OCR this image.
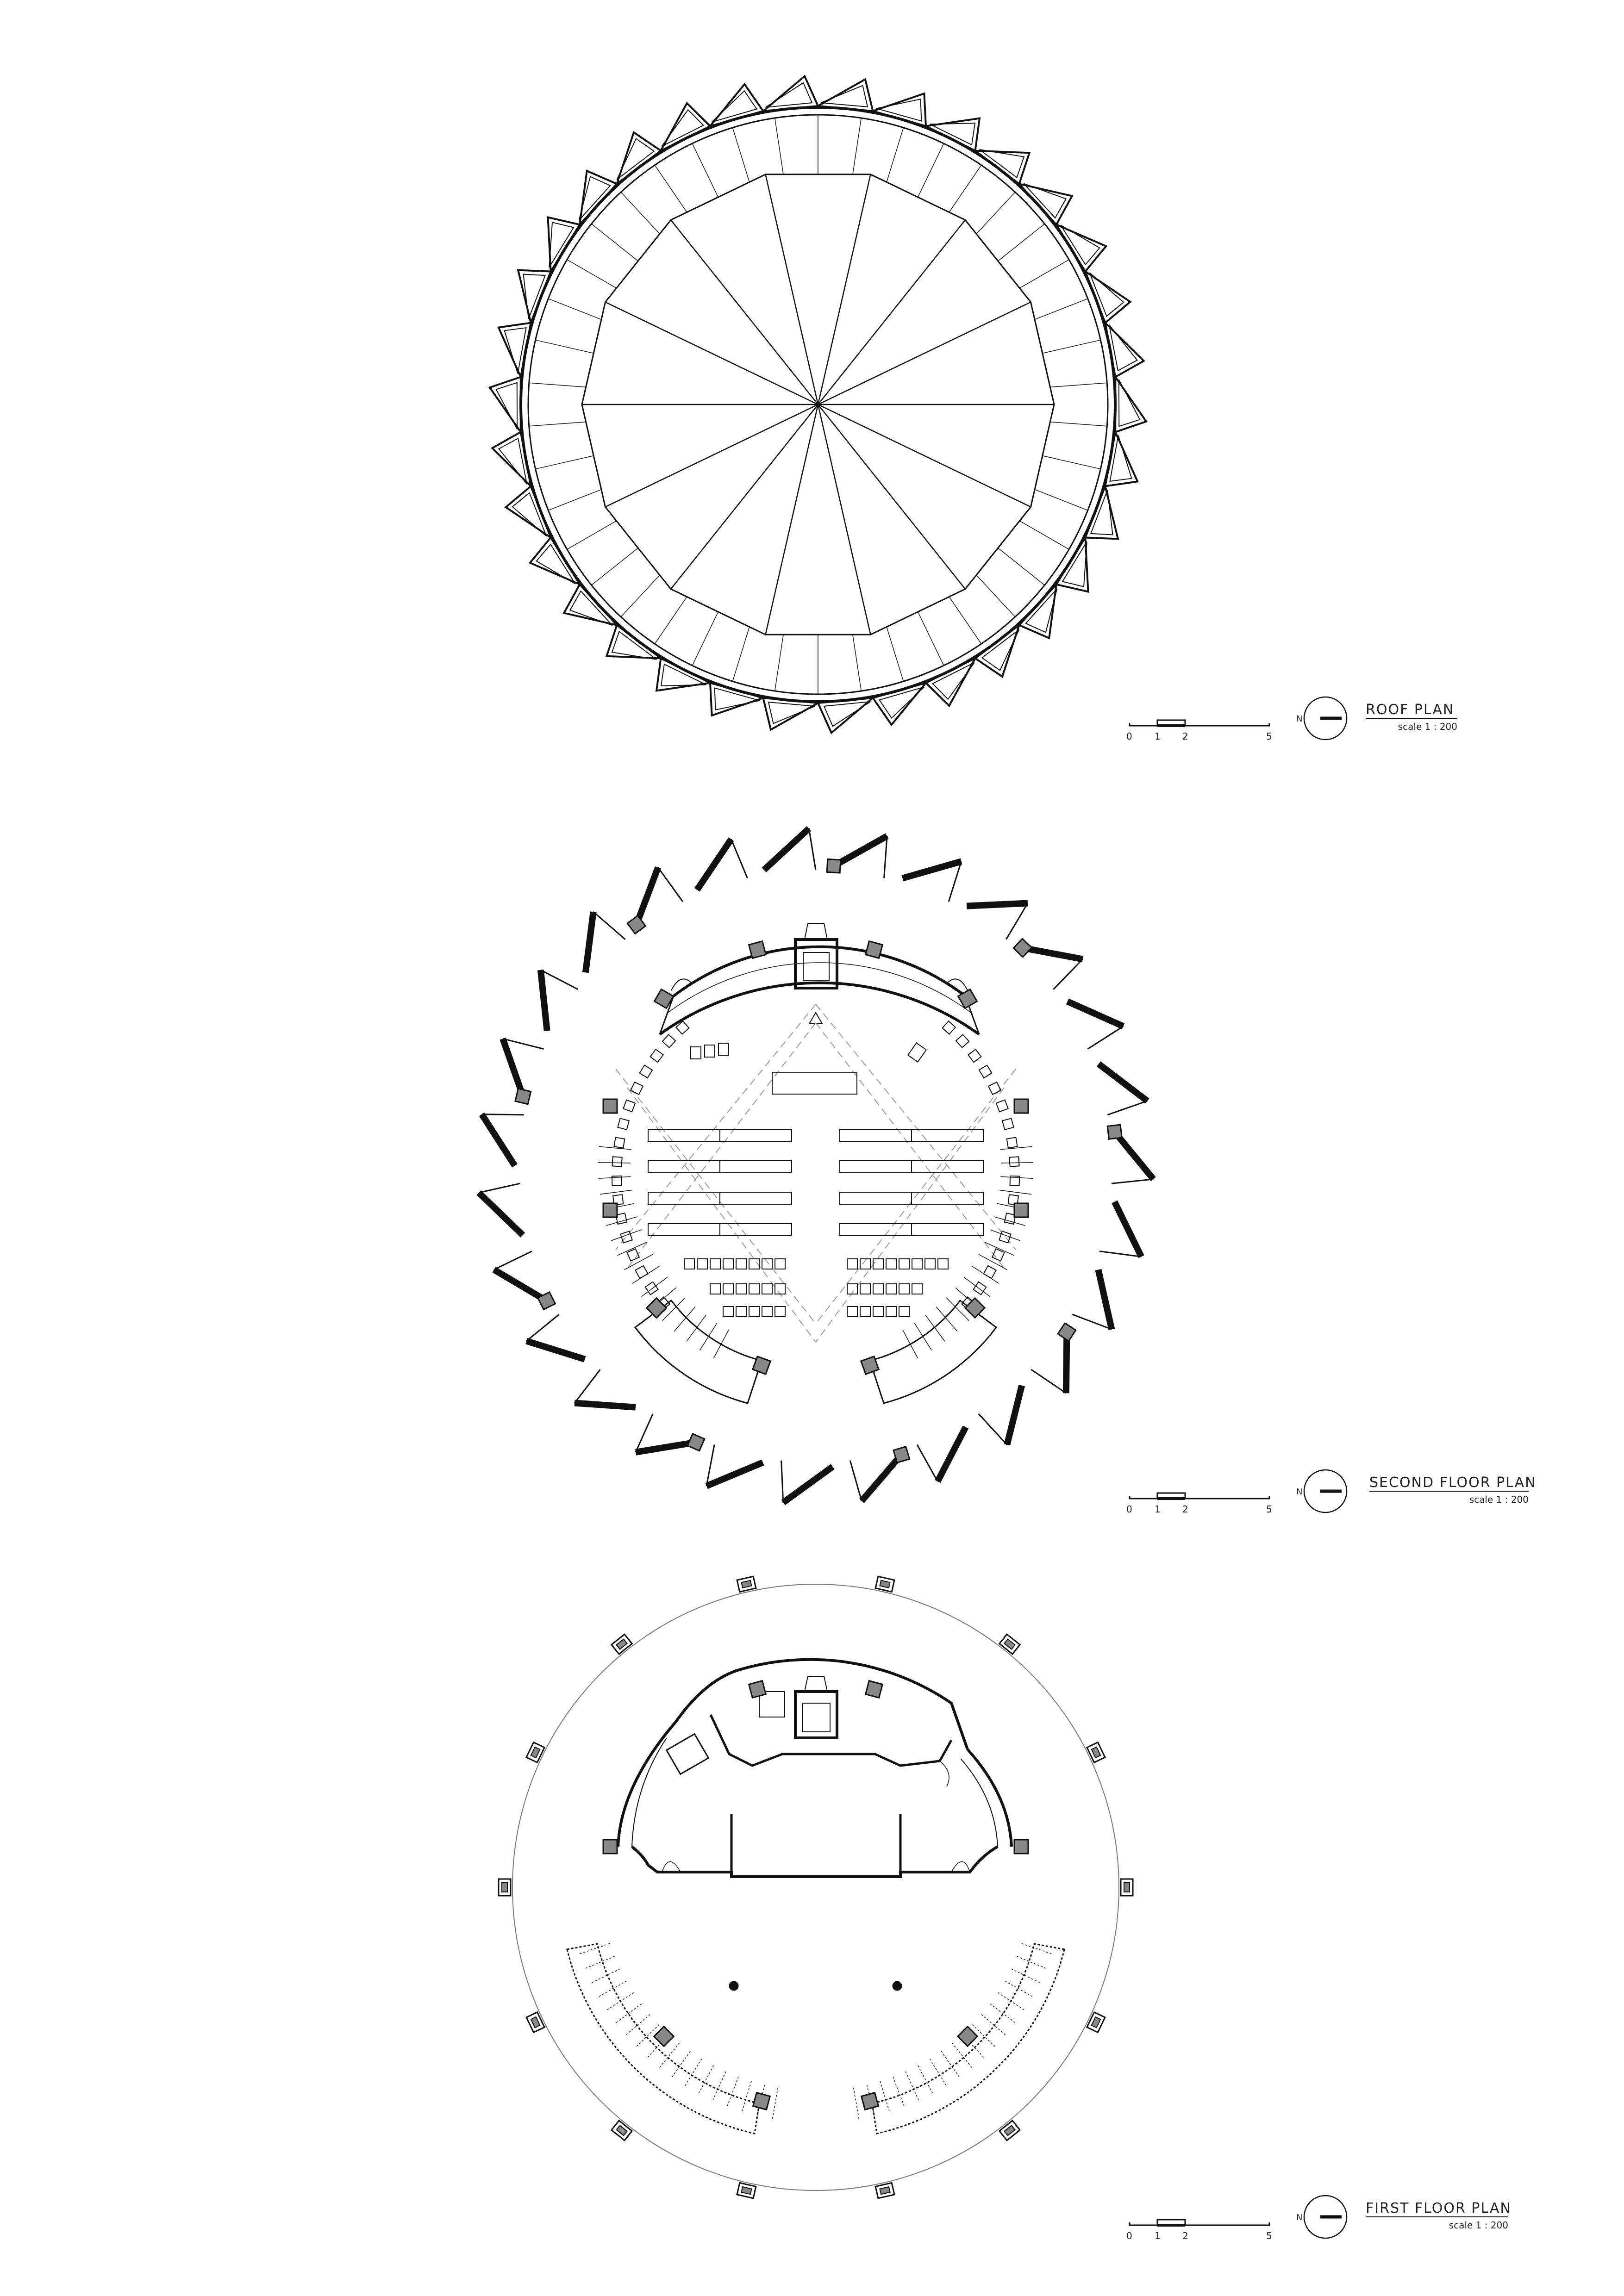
0 1 2	5
N
ROOF PLAN
scale 1 : 200
0 1 2	5
N
SECOND FLOOR PLAN
scale 1 : 200
0 1 2	5
N
FIRST FLOOR PLAN
scale 1 : 200
